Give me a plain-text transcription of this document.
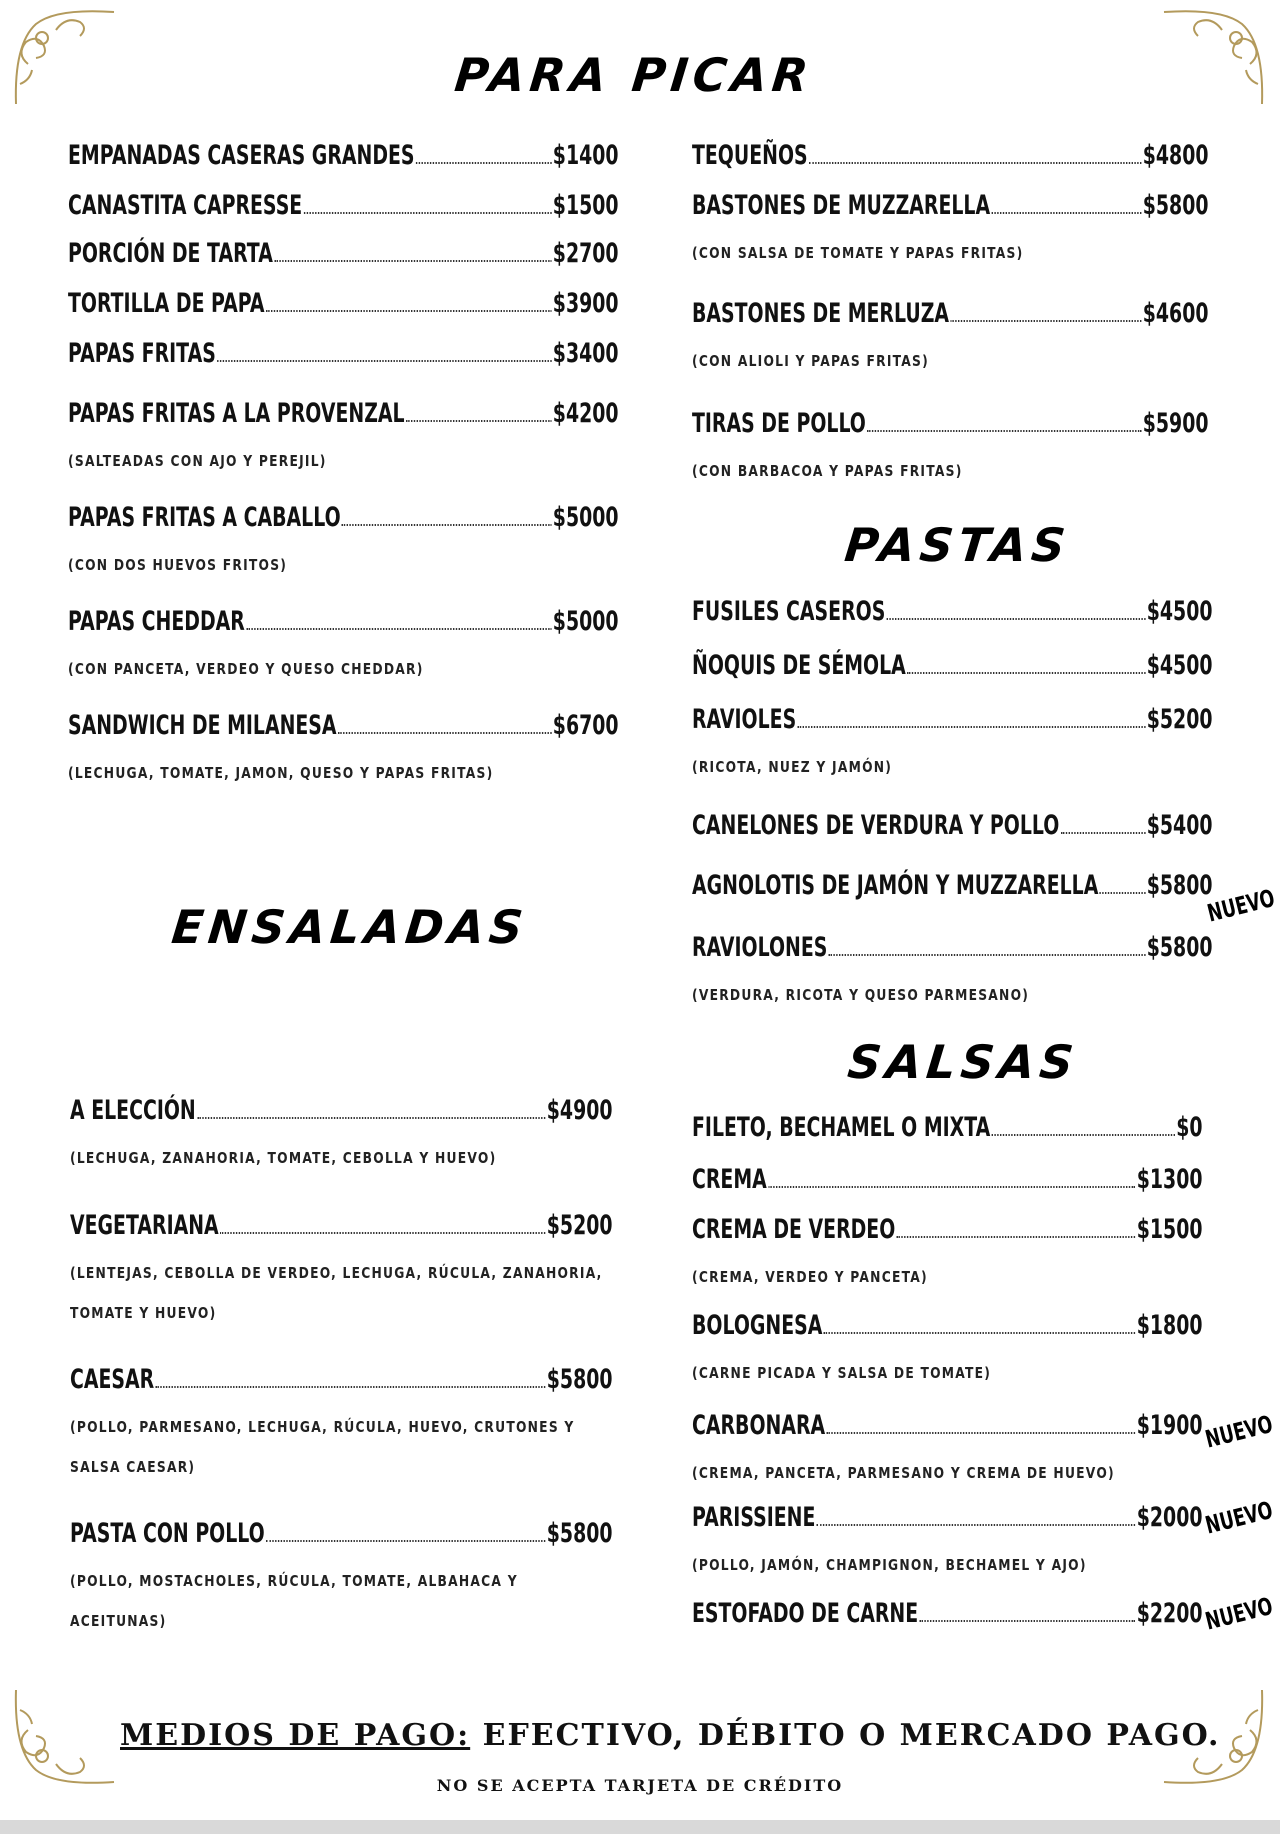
PARA PICAR
ENSALADAS
PASTAS
SALSAS
EMPANADAS CASERAS GRANDES	$1400
CANASTITA CAPRESSE	$1500
PORCIÓN DE TARTA	$2700
TORTILLA DE PAPA	$3900
PAPAS FRITAS	$3400
PAPAS FRITAS A LA PROVENZAL	$4200
(SALTEADAS CON AJO Y PEREJIL)
PAPAS FRITAS A CABALLO	$5000
(CON DOS HUEVOS FRITOS)
PAPAS CHEDDAR	$5000
(CON PANCETA, VERDEO Y QUESO CHEDDAR)
SANDWICH DE MILANESA	$6700
(LECHUGA, TOMATE, JAMON, QUESO Y PAPAS FRITAS)
TEQUEÑOS	$4800
BASTONES DE MUZZARELLA	$5800
(CON SALSA DE TOMATE Y PAPAS FRITAS)
BASTONES DE MERLUZA	$4600
(CON ALIOLI Y PAPAS FRITAS)
TIRAS DE POLLO	$5900
(CON BARBACOA Y PAPAS FRITAS)
FUSILES CASEROS	$4500
ÑOQUIS DE SÉMOLA	$4500
RAVIOLES	$5200
(RICOTA, NUEZ Y JAMÓN)
CANELONES DE VERDURA Y POLLO	$5400
AGNOLOTIS DE JAMÓN Y MUZZARELLA $5800
RAVIOLONES	$5800
(VERDURA, RICOTA Y QUESO PARMESANO)
A ELECCIÓN	$4900
(LECHUGA, ZANAHORIA, TOMATE, CEBOLLA Y HUEVO)
VEGETARIANA	$5200
(LENTEJAS, CEBOLLA DE VERDEO, LECHUGA, RÚCULA, ZANAHORIA, TOMATE Y HUEVO)
CAESAR	$5800
(POLLO, PARMESANO, LECHUGA, RÚCULA, HUEVO, CRUTONES Y SALSA CAESAR)
PASTA CON POLLO	$5800
(POLLO, MOSTACHOLES, RÚCULA, TOMATE, ALBAHACA Y ACEITUNAS)
FILETO, BECHAMEL O MIXTA	$0
CREMA	$1300
CREMA DE VERDEO	$1500
(CREMA, VERDEO Y PANCETA)
BOLOGNESA	$1800
(CARNE PICADA Y SALSA DE TOMATE)
CARBONARA	$1900
(CREMA, PANCETA, PARMESANO Y CREMA DE HUEVO)
PARISSIENE	$2000
(POLLO, JAMÓN, CHAMPIGNON, BECHAMEL Y AJO)
ESTOFADO DE CARNE	$2200
NUEVO
NUEVO
NUEVO
NUEVO
MEDIOS DE PAGO: EFECTIVO, DÉBITO O MERCADO PAGO.
NO SE ACEPTA TARJETA DE CRÉDITO
